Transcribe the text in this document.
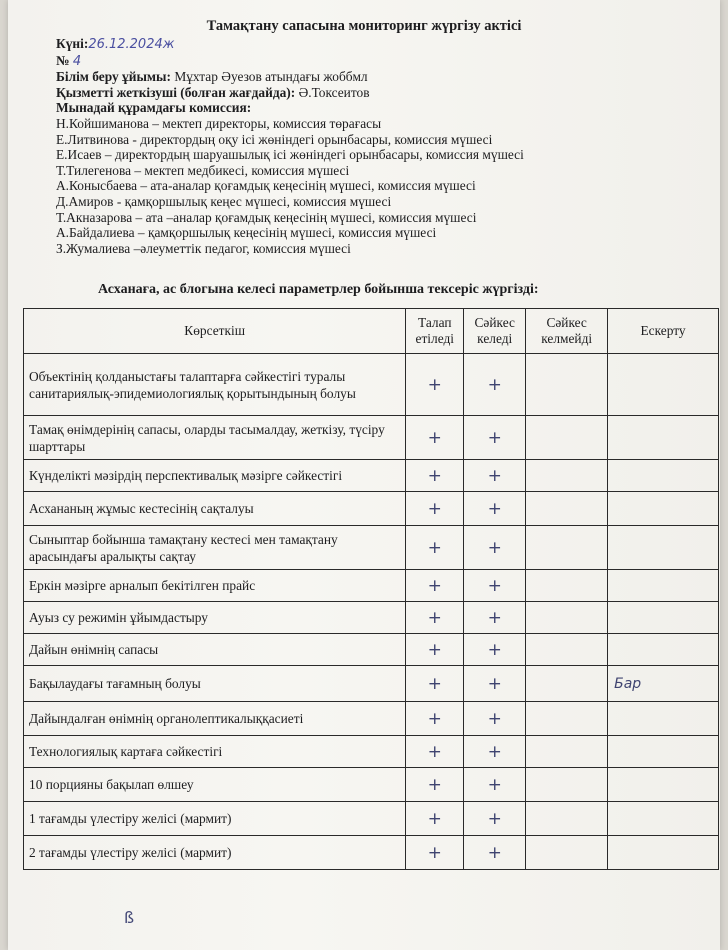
Тамақтану сапасына мониторинг жүргізу актісі
Күні:26.12.2024ж
№ 4
Білім беру ұйымы: Мұхтар Әуезов атындағы жоббмл
Қызметті жеткізуші (болған жағдайда): Ә.Токсеитов
Мынадай құрамдағы комиссия:
Н.Койшиманова – мектеп директоры, комиссия төрағасы
Е.Литвинова - директордың оқу ісі жөніндегі орынбасары, комиссия мүшесі
Е.Исаев – директордың шаруашылық ісі жөніндегі орынбасары, комиссия мүшесі
Т.Тилегенова – мектеп медбикесі, комиссия мүшесі
А.Конысбаева – ата-аналар қоғамдық кеңесінің мүшесі, комиссия мүшесі
Д.Амиров - қамқоршылық кеңес мүшесі, комиссия мүшесі
Т.Акназарова – ата –аналар қоғамдық кеңесінің мүшесі, комиссия мүшесі
А.Байдалиева – қамқоршылық кеңесінің мүшесі, комиссия мүшесі
З.Жумалиева –әлеуметтік педагог, комиссия мүшесі
Асханаға, ас блогына келесі параметрлер бойынша тексеріс жүргізді:
Көрсеткіш	Талап етіледі	Сәйкес келеді	Сәйкес келмейді	Ескерту
Объектінің қолданыстағы талаптарға сәйкестігі туралы санитариялық-эпидемиологиялық қорытындының болуы	+	+		
Тамақ өнімдерінің сапасы, оларды тасымалдау, жеткізу, түсіру шарттары	+	+		
Күнделікті мәзірдің перспективалық мәзірге сәйкестігі	+	+		
Асхананың жұмыс кестесінің сақталуы	+	+		
Сыныптар бойынша тамақтану кестесі мен тамақтану арасындағы аралықты сақтау	+	+		
Еркін мәзірге арналып бекітілген прайс	+	+		
Ауыз су режимін ұйымдастыру	+	+		
Дайын өнімнің сапасы	+	+		
Бақылаудағы тағамның болуы	+	+		Бар
Дайындалған өнімнің органолептикалыққасиеті	+	+		
Технологиялық картаға сәйкестігі	+	+		
10 порцияны бақылап өлшеу	+	+		
1 тағамды үлестіру желісі (мармит)	+	+		
2 тағамды үлестіру желісі (мармит)	+	+		
ß
